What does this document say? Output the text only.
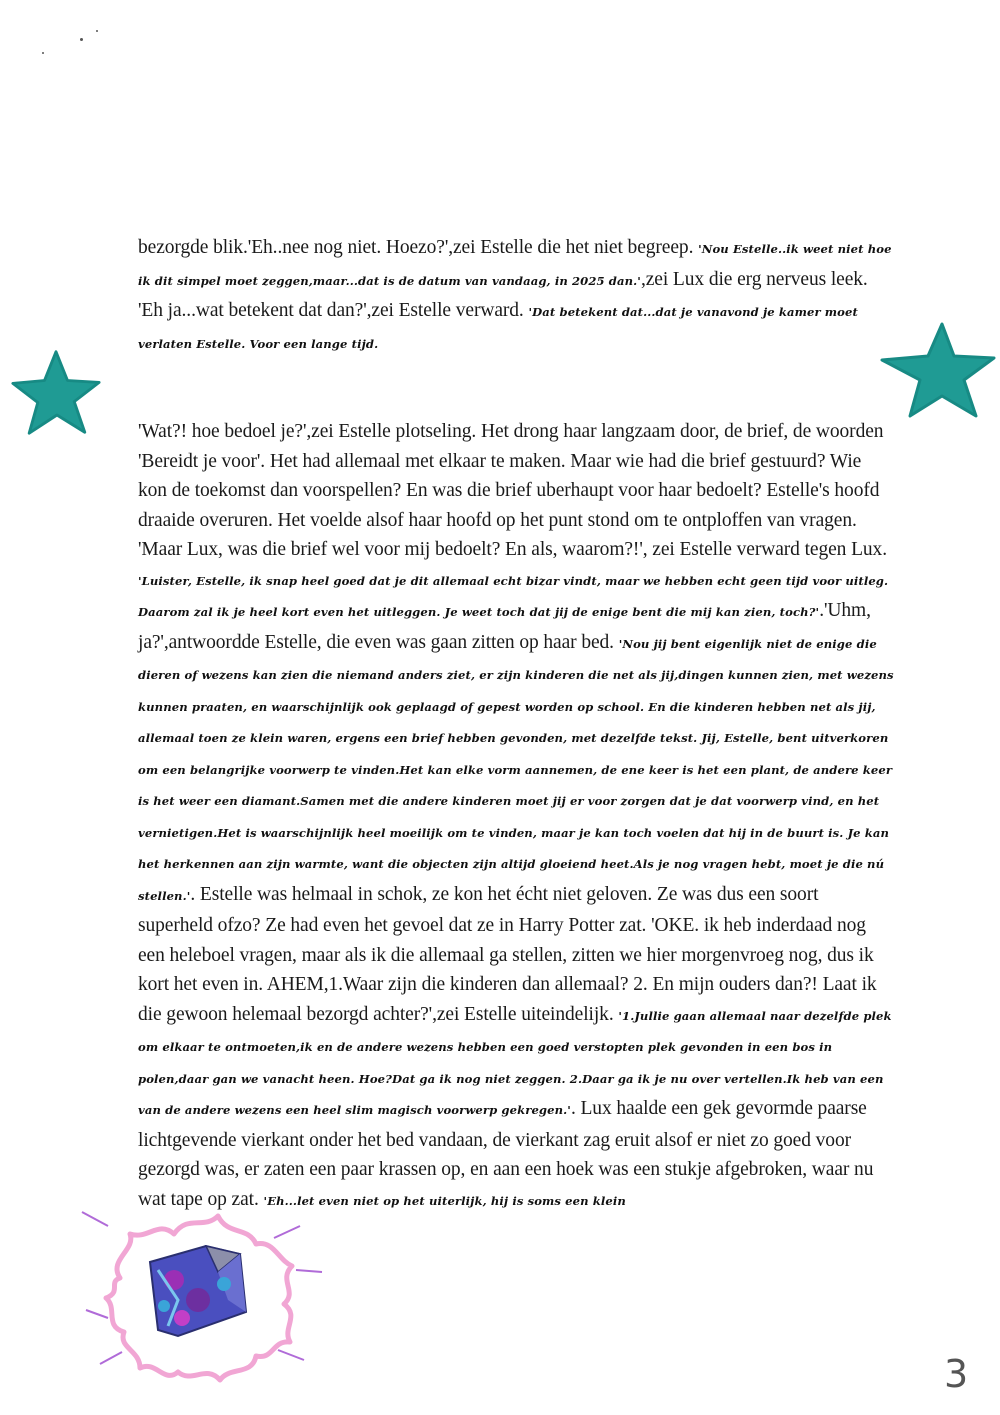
bezorgde blik.'Eh..nee nog niet. Hoezo?',zei Estelle die het niet begreep. 'Nou Estelle..ik weet niet hoe ik dit simpel moet zeggen,maar...dat is de datum van vandaag, in 2025 dan.',zei Lux die erg nerveus leek. 'Eh ja...wat betekent dat dan?',zei Estelle verward. 'Dat betekent dat...dat je vanavond je kamer moet verlaten Estelle. Voor een lange tijd.
'Wat?! hoe bedoel je?',zei Estelle plotseling. Het drong haar langzaam door, de brief, de woorden 'Bereidt je voor'. Het had allemaal met elkaar te maken. Maar wie had die brief gestuurd? Wie kon de toekomst dan voorspellen? En was die brief uberhaupt voor haar bedoelt? Estelle's hoofd draaide overuren. Het voelde alsof haar hoofd op het punt stond om te ontploffen van vragen. 'Maar Lux, was die brief wel voor mij bedoelt? En als, waarom?!', zei Estelle verward tegen Lux. 'Luister, Estelle, ik snap heel goed dat je dit allemaal echt bizar vindt, maar we hebben echt geen tijd voor uitleg. Daarom zal ik je heel kort even het uitleggen. Je weet toch dat jij de enige bent die mij kan zien, toch?'.'Uhm, ja?',antwoordde Estelle, die even was gaan zitten op haar bed. 'Nou jij bent eigenlijk niet de enige die dieren of wezens kan zien die niemand anders ziet, er zijn kinderen die net als jij,dingen kunnen zien, met wezens kunnen praaten, en waarschijnlijk ook geplaagd of gepest worden op school. En die kinderen hebben net als jij, allemaal toen ze klein waren, ergens een brief hebben gevonden, met dezelfde tekst. Jij, Estelle, bent uitverkoren om een belangrijke voorwerp te vinden.Het kan elke vorm aannemen, de ene keer is het een plant, de andere keer is het weer een diamant.Samen met die andere kinderen moet jij er voor zorgen dat je dat voorwerp vind, en het vernietigen.Het is waarschijnlijk heel moeilijk om te vinden, maar je kan toch voelen dat hij in de buurt is. Je kan het herkennen aan zijn warmte, want die objecten zijn altijd gloeiend heet.Als je nog vragen hebt, moet je die nú stellen.'. Estelle was helmaal in schok, ze kon het écht niet geloven. Ze was dus een soort superheld ofzo? Ze had even het gevoel dat ze in Harry Potter zat. 'OKE. ik heb inderdaad nog een heleboel vragen, maar als ik die allemaal ga stellen, zitten we hier morgenvroeg nog, dus ik kort het even in. AHEM,1.Waar zijn die kinderen dan allemaal? 2. En mijn ouders dan?! Laat ik die gewoon helemaal bezorgd achter?',zei Estelle uiteindelijk. '1.Jullie gaan allemaal naar dezelfde plek om elkaar te ontmoeten,ik en de andere wezens hebben een goed verstopten plek gevonden in een bos in polen,daar gan we vanacht heen. Hoe?Dat ga ik nog niet zeggen. 2.Daar ga ik je nu over vertellen.Ik heb van een van de andere wezens een heel slim magisch voorwerp gekregen.'. Lux haalde een gek gevormde paarse lichtgevende vierkant onder het bed vandaan, de vierkant zag eruit alsof er niet zo goed voor gezorgd was, er zaten een paar krassen op, en aan een hoek was een stukje afgebroken, waar nu wat tape op zat. 'Eh...let even niet op het uiterlijk, hij is soms een klein
3
